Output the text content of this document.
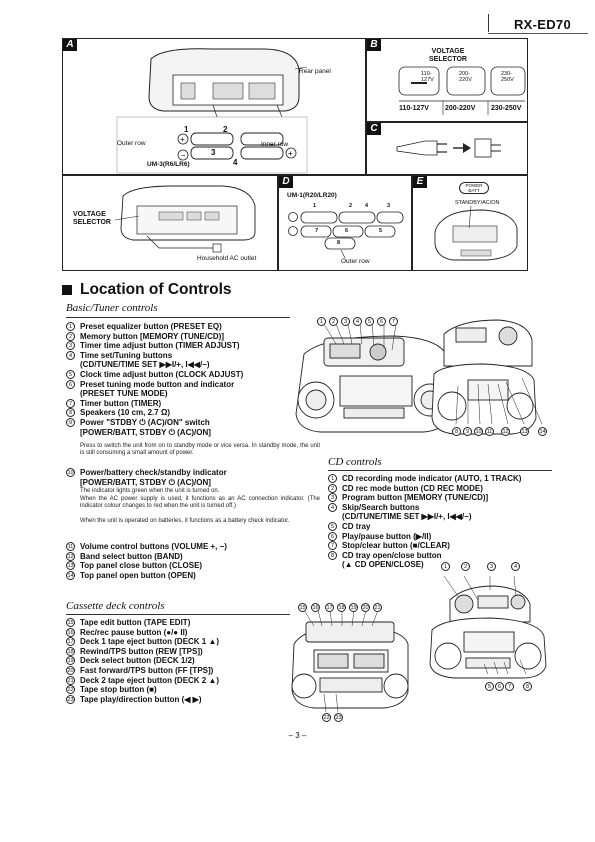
RX-ED70
A
+
−	+
Rear panel
Outer row	Inner row
UM-3(R6/LR6)
1	2
3
4
B
VOLTAGE
SELECTOR
110-
127V
200-
220V
230-
250V
110-127V 200-220V 230-250V
C
VOLTAGE
SELECTOR
Household AC outlet
D
UM-1(R20/LR20)
1	2 4	3
7	6	5
8
Outer row
E	POWER
BATT
STANDBY/AC/ON
Location of Controls
Basic/Tuner controls
1 Preset equalizer button (PRESET EQ)
2 Memory button [MEMORY (TUNE/CD)]
3 Timer time adjust button (TIMER ADJUST)
4 Time set/Tuning buttons
(CD/TUNE/TIME SET ▶▶I/+, I◀◀/−)
5 Clock time adjust button (CLOCK ADJUST)
6 Preset tuning mode button and indicator
(PRESET TUNE MODE)
7 Timer button (TIMER)
8 Speakers (10 cm, 2.7 Ω)
9 Power "STDBY ⏻ (AC)/ON" switch
[POWER/BATT, STDBY ⏻ (AC)/ON]
Press to switch the unit from on to standby mode or vice versa. In standby mode, the unit is still consuming a small amount of power.
10 Power/battery check/standby indicator
[POWER/BATT, STDBY ⏻ (AC)/ON]
The indicator lights green when the unit is turned on.
When the AC power supply is used, it functions as an AC connection indicator. (The indicator colour changes to red when the unit is turned off.)
When the unit is operated on batteries, it functions as a battery check indicator.
11 Volume control buttons (VOLUME +, −)
12 Band select button (BAND)
13 Top panel close button (CLOSE)
14 Top panel open button (OPEN)
Cassette deck controls
15 Tape edit button (TAPE EDIT)
16 Rec/rec pause button (●/● II)
17 Deck 1 tape eject button (DECK 1 ▲)
18 Rewind/TPS button (REW [TPS])
19 Deck select button (DECK 1/2)
20 Fast forward/TPS button (FF [TPS])
21 Deck 2 tape eject button (DECK 2 ▲)
22 Tape stop button (■)
23 Tape play/direction button (◀ ▶)
CD controls
1 CD recording mode indicator (AUTO, 1 TRACK)
2 CD rec mode button (CD REC MODE)
3 Program button [MEMORY (TUNE/CD)]
4 Skip/Search buttons
(CD/TUNE/TIME SET ▶▶I/+, I◀◀/−)
5 CD tray
6 Play/pause button (▶/II)
7 Stop/clear button (■/CLEAR)
8 CD tray open/close button
(▲ CD OPEN/CLOSE)
1	2	3	4	5	6	7
8	9	10 11 12 13 14
15 16 17 18 19 20 21
22 23
1	2	3	4
5	6	7	8
– 3 –
